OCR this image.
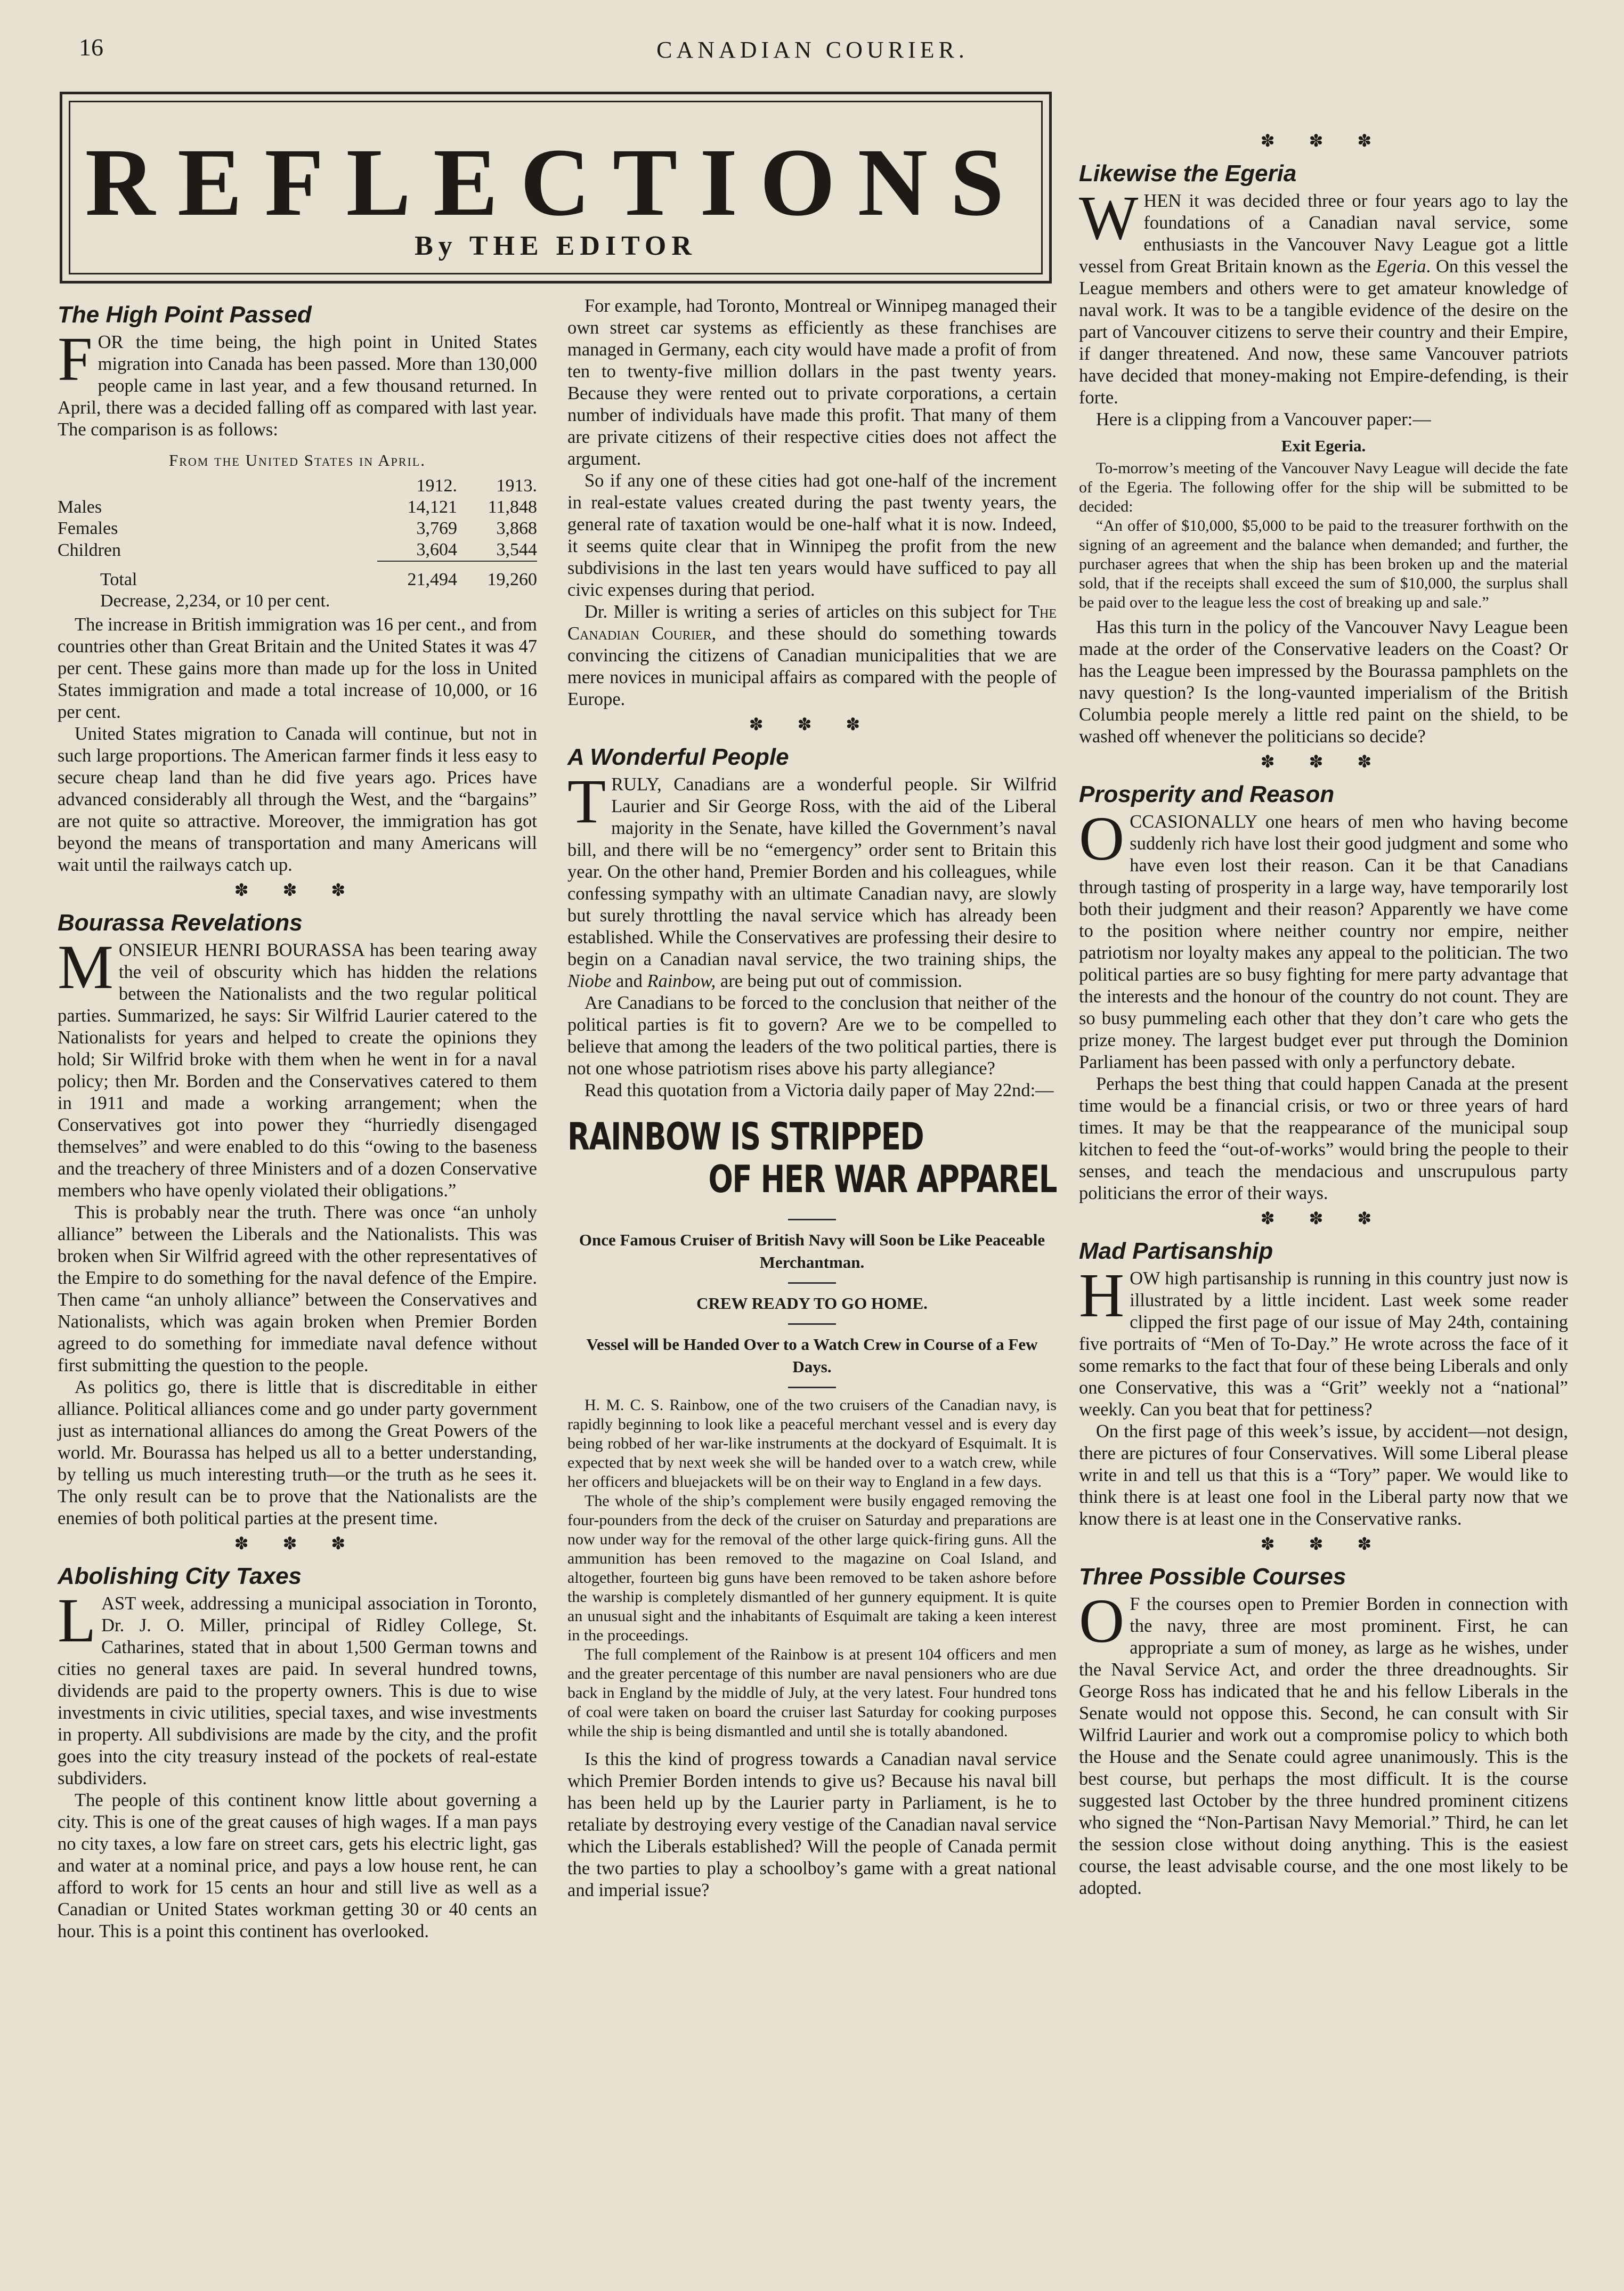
16	CANADIAN COURIER.
REFLECTIONS
By THE EDITOR
The High Point Passed

FOR the time being, the high point in United States migration into Canada has been passed. More than 130,000 people came in last year, and a few thousand returned. In April, there was a decided falling off as compared with last year. The comparison is as follows:

From the United States in April.
	1912.	1913.
Males	14,121	11,848
Females	3,769	3,868
Children	3,604	3,544
Total	21,494	19,260
Decrease, 2,234, or 10 per cent.		

The increase in British immigration was 16 per cent., and from countries other than Great Britain and the United States it was 47 per cent. These gains more than made up for the loss in United States immigration and made a total increase of 10,000, or 16 per cent.

United States migration to Canada will continue, but not in such large proportions. The American farmer finds it less easy to secure cheap land than he did five years ago. Prices have advanced considerably all through the West, and the “bargains” are not quite so attractive. Moreover, the immigration has got beyond the means of transportation and many Americans will wait until the railways catch up.

✽ ✽ ✽
Bourassa Revelations

MONSIEUR HENRI BOURASSA has been tearing away the veil of obscurity which has hidden the relations between the Nationalists and the two regular political parties. Summarized, he says: Sir Wilfrid Laurier catered to the Nationalists for years and helped to create the opinions they hold; Sir Wilfrid broke with them when he went in for a naval policy; then Mr. Borden and the Conservatives catered to them in 1911 and made a working arrangement; when the Conservatives got into power they “hurriedly disengaged themselves” and were enabled to do this “owing to the baseness and the treachery of three Ministers and of a dozen Conservative members who have openly violated their obligations.”

This is probably near the truth. There was once “an unholy alliance” between the Liberals and the Nationalists. This was broken when Sir Wilfrid agreed with the other representatives of the Empire to do something for the naval defence of the Empire. Then came “an unholy alliance” between the Conservatives and Nationalists, which was again broken when Premier Borden agreed to do something for immediate naval defence without first submitting the question to the people.

As politics go, there is little that is discreditable in either alliance. Political alliances come and go under party government just as international alliances do among the Great Powers of the world. Mr. Bourassa has helped us all to a better understanding, by telling us much interesting truth—or the truth as he sees it. The only result can be to prove that the Nationalists are the enemies of both political parties at the present time.

✽ ✽ ✽
Abolishing City Taxes

LAST week, addressing a municipal association in Toronto, Dr. J. O. Miller, principal of Ridley College, St. Catharines, stated that in about 1,500 German towns and cities no general taxes are paid. In several hundred towns, dividends are paid to the property owners. This is due to wise investments in civic utilities, special taxes, and wise investments in property. All subdivisions are made by the city, and the profit goes into the city treasury instead of the pockets of real-estate subdividers.

The people of this continent know little about governing a city. This is one of the great causes of high wages. If a man pays no city taxes, a low fare on street cars, gets his electric light, gas and water at a nominal price, and pays a low house rent, he can afford to work for 15 cents an hour and still live as well as a Canadian or United States workman getting 30 or 40 cents an hour. This is a point this continent has overlooked.

For example, had Toronto, Montreal or Winnipeg managed their own street car systems as efficiently as these franchises are managed in Germany, each city would have made a profit of from ten to twenty-five million dollars in the past twenty years. Because they were rented out to private corporations, a certain number of individuals have made this profit. That many of them are private citizens of their respective cities does not affect the argument.

So if any one of these cities had got one-half of the increment in real-estate values created during the past twenty years, the general rate of taxation would be one-half what it is now. Indeed, it seems quite clear that in Winnipeg the profit from the new subdivisions in the last ten years would have sufficed to pay all civic expenses during that period.

Dr. Miller is writing a series of articles on this subject for The Canadian Courier, and these should do something towards convincing the citizens of Canadian municipalities that we are mere novices in municipal affairs as compared with the people of Europe.

✽ ✽ ✽
A Wonderful People

TRULY, Canadians are a wonderful people. Sir Wilfrid Laurier and Sir George Ross, with the aid of the Liberal majority in the Senate, have killed the Government’s naval bill, and there will be no “emergency” order sent to Britain this year. On the other hand, Premier Borden and his colleagues, while confessing sympathy with an ultimate Canadian navy, are slowly but surely throttling the naval service which has already been established. While the Conservatives are professing their desire to begin on a Canadian naval service, the two training ships, the Niobe and Rainbow, are being put out of commission.

Are Canadians to be forced to the conclusion that neither of the political parties is fit to govern? Are we to be compelled to believe that among the leaders of the two political parties, there is not one whose patriotism rises above his party allegiance?

Read this quotation from a Victoria daily paper of May 22nd:—

RAINBOW IS STRIPPED
OF HER WAR APPAREL
Once Famous Cruiser of British Navy will Soon be Like Peaceable Merchantman.
CREW READY TO GO HOME.
Vessel will be Handed Over to a Watch Crew in Course of a Few Days.

H. M. C. S. Rainbow, one of the two cruisers of the Canadian navy, is rapidly beginning to look like a peaceful merchant vessel and is every day being robbed of her war-like instruments at the dockyard of Esquimalt. It is expected that by next week she will be handed over to a watch crew, while her officers and bluejackets will be on their way to England in a few days.

The whole of the ship’s complement were busily engaged removing the four-pounders from the deck of the cruiser on Saturday and preparations are now under way for the removal of the other large quick-firing guns. All the ammunition has been removed to the magazine on Coal Island, and altogether, fourteen big guns have been removed to be taken ashore before the warship is completely dismantled of her gunnery equipment. It is quite an unusual sight and the inhabitants of Esquimalt are taking a keen interest in the proceedings.

The full complement of the Rainbow is at present 104 officers and men and the greater percentage of this number are naval pensioners who are due back in England by the middle of July, at the very latest. Four hundred tons of coal were taken on board the cruiser last Saturday for cooking purposes while the ship is being dismantled and until she is totally abandoned.

Is this the kind of progress towards a Canadian naval service which Premier Borden intends to give us? Because his naval bill has been held up by the Laurier party in Parliament, is he to retaliate by destroying every vestige of the Canadian naval service which the Liberals established? Will the people of Canada permit the two parties to play a schoolboy’s game with a great national and imperial issue?

✽ ✽ ✽
Likewise the Egeria

WHEN it was decided three or four years ago to lay the foundations of a Canadian naval service, some enthusiasts in the Vancouver Navy League got a little vessel from Great Britain known as the Egeria. On this vessel the League members and others were to get amateur knowledge of naval work. It was to be a tangible evidence of the desire on the part of Vancouver citizens to serve their country and their Empire, if danger threatened. And now, these same Vancouver patriots have decided that money-making not Empire-defending, is their forte.

Here is a clipping from a Vancouver paper:—

Exit Egeria.

To-morrow’s meeting of the Vancouver Navy League will decide the fate of the Egeria. The following offer for the ship will be submitted to be decided:

“An offer of $10,000, $5,000 to be paid to the treasurer forthwith on the signing of an agreement and the balance when demanded; and further, the purchaser agrees that when the ship has been broken up and the material sold, that if the receipts shall exceed the sum of $10,000, the surplus shall be paid over to the league less the cost of breaking up and sale.”

Has this turn in the policy of the Vancouver Navy League been made at the order of the Conservative leaders on the Coast? Or has the League been impressed by the Bourassa pamphlets on the navy question? Is the long-vaunted imperialism of the British Columbia people merely a little red paint on the shield, to be washed off whenever the politicians so decide?

✽ ✽ ✽
Prosperity and Reason

OCCASIONALLY one hears of men who having become suddenly rich have lost their good judgment and some who have even lost their reason. Can it be that Canadians through tasting of prosperity in a large way, have temporarily lost both their judgment and their reason? Apparently we have come to the position where neither country nor empire, neither patriotism nor loyalty makes any appeal to the politician. The two political parties are so busy fighting for mere party advantage that the interests and the honour of the country do not count. They are so busy pummeling each other that they don’t care who gets the prize money. The largest budget ever put through the Dominion Parliament has been passed with only a perfunctory debate.

Perhaps the best thing that could happen Canada at the present time would be a financial crisis, or two or three years of hard times. It may be that the reappearance of the municipal soup kitchen to feed the “out-of-works” would bring the people to their senses, and teach the mendacious and unscrupulous party politicians the error of their ways.

✽ ✽ ✽
Mad Partisanship

HOW high partisanship is running in this country just now is illustrated by a little incident. Last week some reader clipped the first page of our issue of May 24th, containing five portraits of “Men of To-Day.” He wrote across the face of it some remarks to the fact that four of these being Liberals and only one Conservative, this was a “Grit” weekly not a “national” weekly. Can you beat that for pettiness?

On the first page of this week’s issue, by accident—not design, there are pictures of four Conservatives. Will some Liberal please write in and tell us that this is a “Tory” paper. We would like to think there is at least one fool in the Liberal party now that we know there is at least one in the Conservative ranks.

✽ ✽ ✽
Three Possible Courses

O F the courses open to Premier Borden in connection with the navy, three are most prominent. First, he can appropriate a sum of money, as large as he wishes, under the Naval Service Act, and order the three dreadnoughts. Sir George Ross has indicated that he and his fellow Liberals in the Senate would not oppose this. Second, he can consult with Sir Wilfrid Laurier and work out a compromise policy to which both the House and the Senate could agree unanimously. This is the best course, but perhaps the most difficult. It is the course suggested last October by the three hundred prominent citizens who signed the “Non-Partisan Navy Memorial.” Third, he can let the session close without doing anything. This is the easiest course, the least advisable course, and the one most likely to be adopted.
